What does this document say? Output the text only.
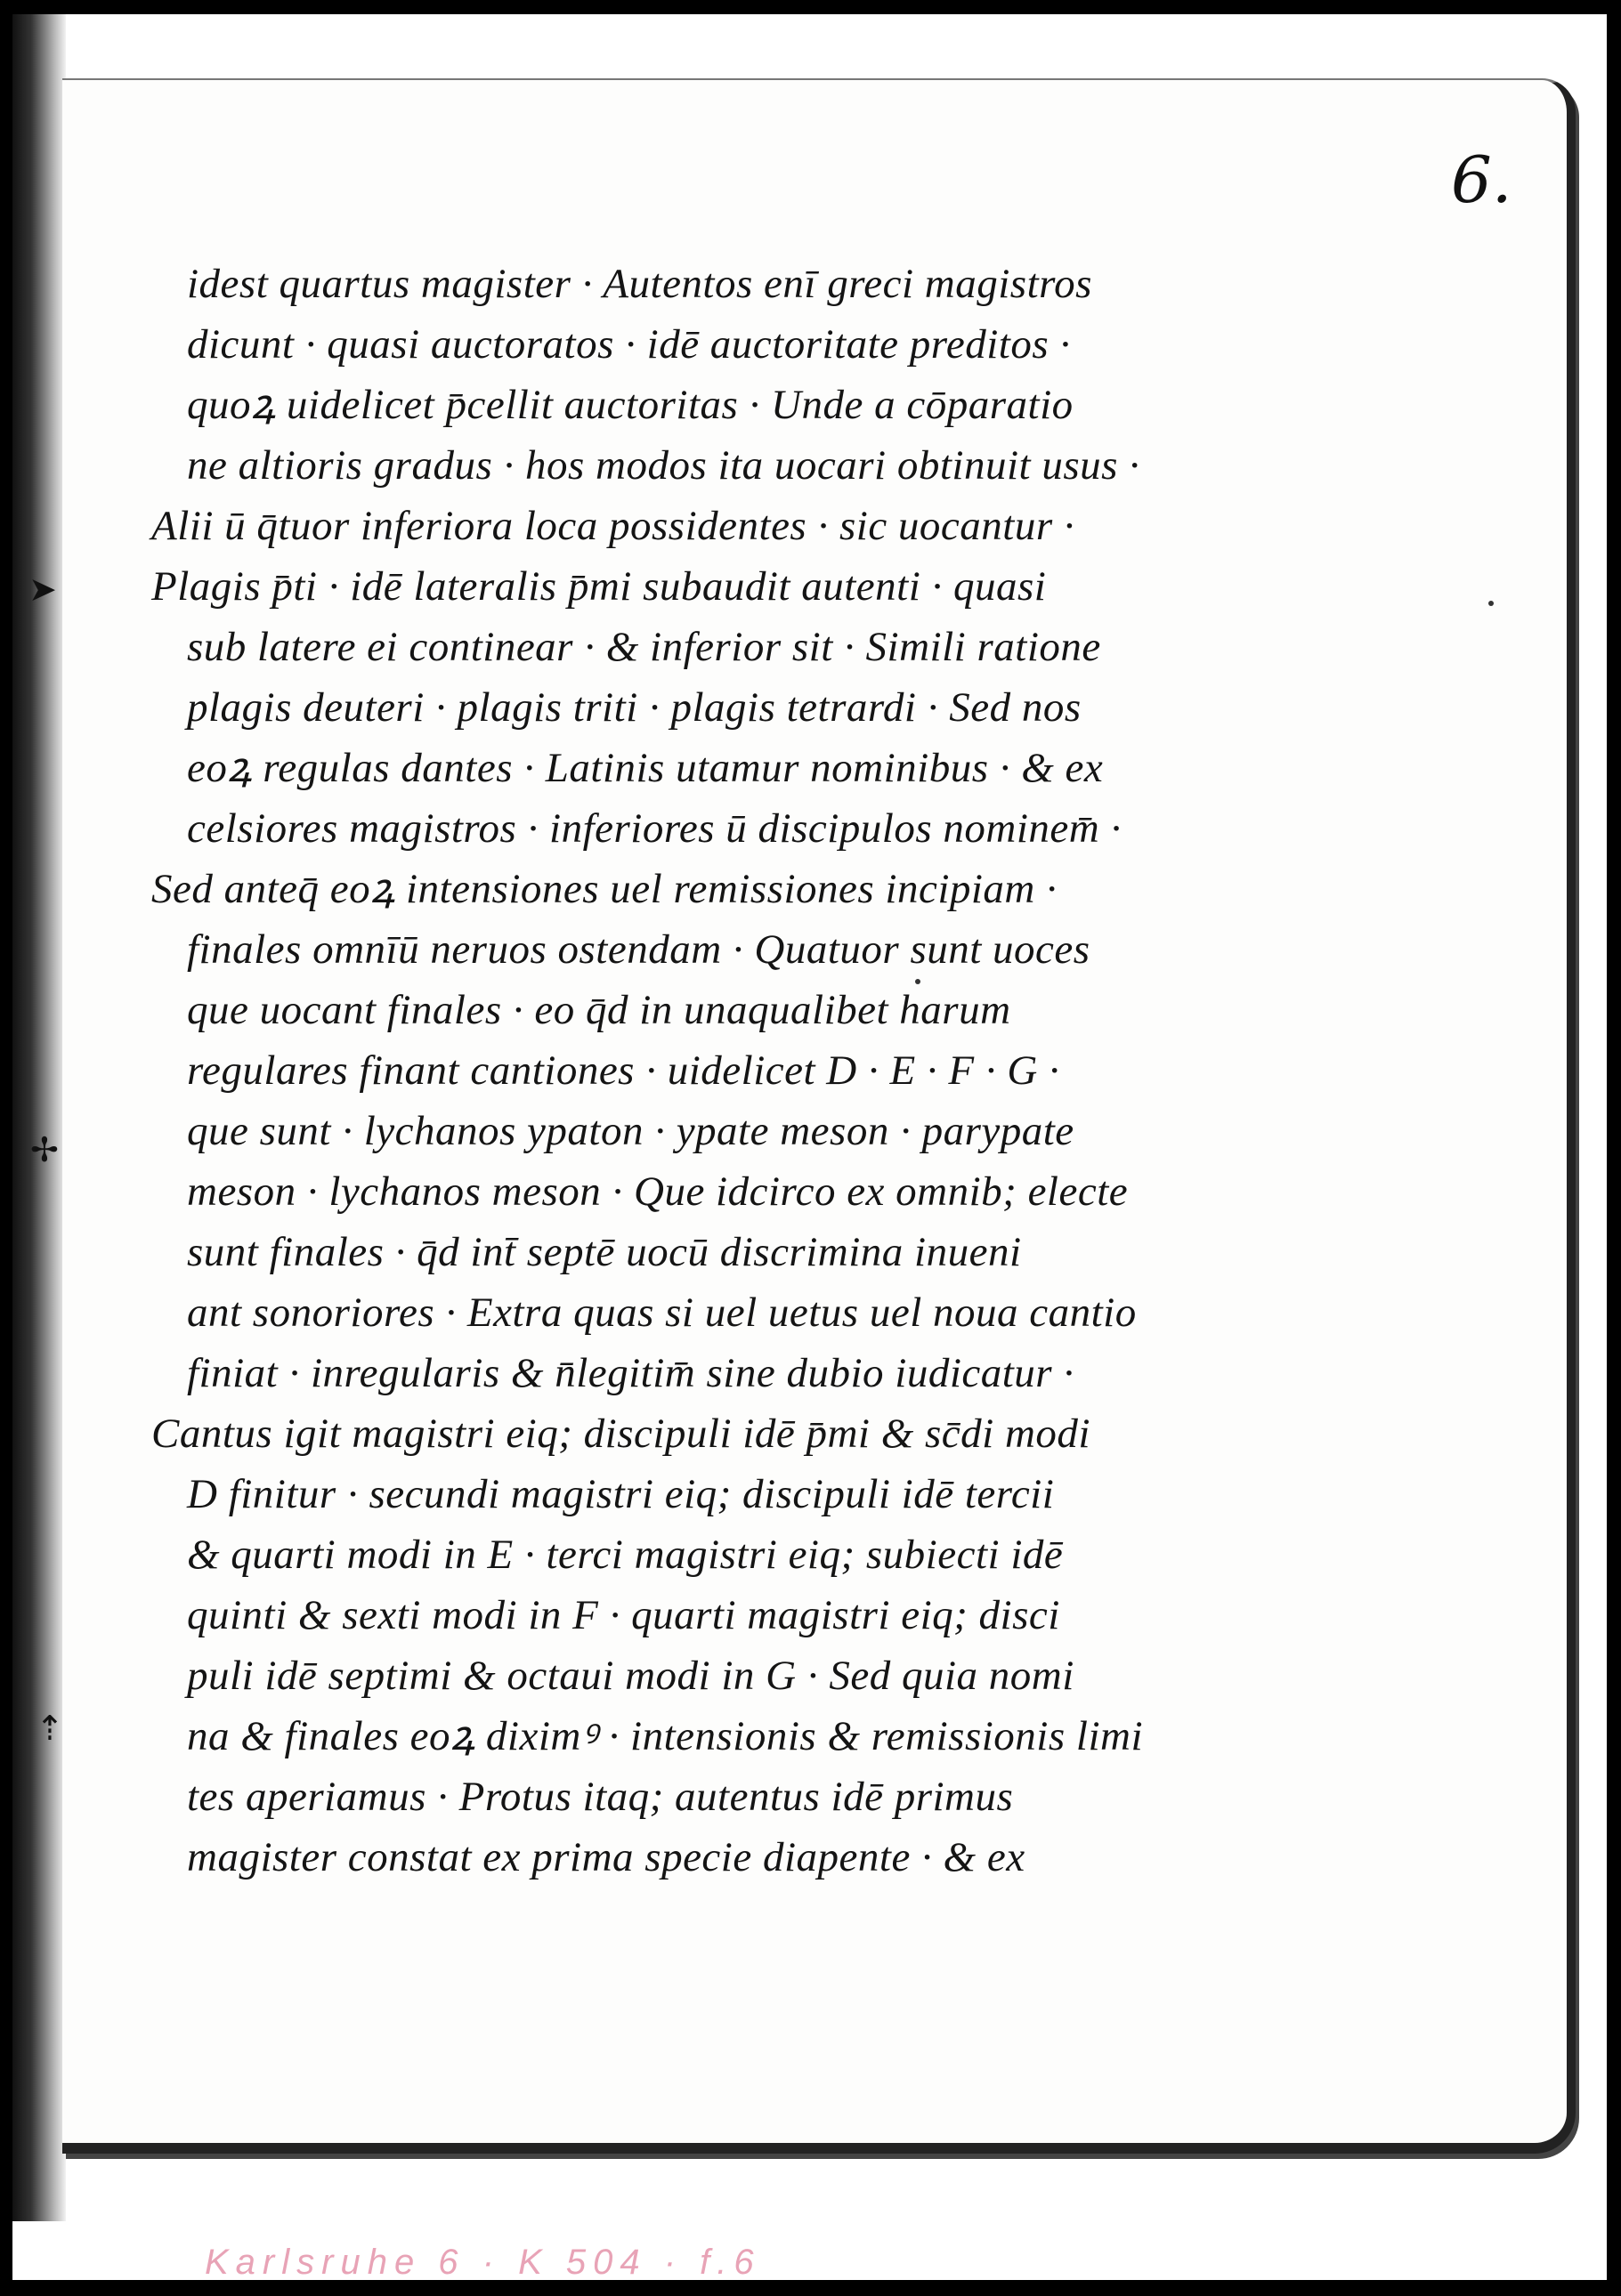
6.
➤
✢
⇡
idest quartus magister · Autentos enī greci magistros
dicunt · quasi auctoratos · idē auctoritate preditos ·
quoꝝ uidelicet p̄cellit auctoritas · Unde a cōparatio
ne altioris gradus · hos modos ita uocari obtinuit usus ·
Alii ū q̄tuor inferiora loca possidentes · sic uocantur ·
Plagis p̄ti · idē lateralis p̄mi subaudit autenti · quasi
sub latere ei continear · & inferior sit · Simili ratione
plagis deuteri · plagis triti · plagis tetrardi · Sed nos
eoꝝ regulas dantes · Latinis utamur nominibus · & ex
celsiores magistros · inferiores ū discipulos nominem̄ ·
Sed anteq̄ eoꝝ intensiones uel remissiones incipiam ·
finales omnīū neruos ostendam · Quatuor sunt uoces
que uocant finales · eo q̄d in unaqualibet harum
regulares finant cantiones · uidelicet D · E · F · G ·
que sunt · lychanos ypaton · ypate meson · parypate
meson · lychanos meson · Que idcirco ex omnib; electe
sunt finales · q̄d int̄ septē uocū discrimina inueni
ant sonoriores · Extra quas si uel uetus uel noua cantio
finiat · inregularis & n̄legitim̄ sine dubio iudicatur ·
Cantus igit magistri eiq; discipuli idē p̄mi & sc̄di modi
D finitur · secundi magistri eiq; discipuli idē tercii
& quarti modi in E · terci magistri eiq; subiecti idē
quinti & sexti modi in F · quarti magistri eiq; disci
puli idē septimi & octaui modi in G · Sed quia nomi
na & finales eoꝝ diximꝰ · intensionis & remissionis limi
tes aperiamus · Protus itaq; autentus idē primus
magister constat ex prima specie diapente · & ex
Karlsruhe 6 · K 504 · f.6
